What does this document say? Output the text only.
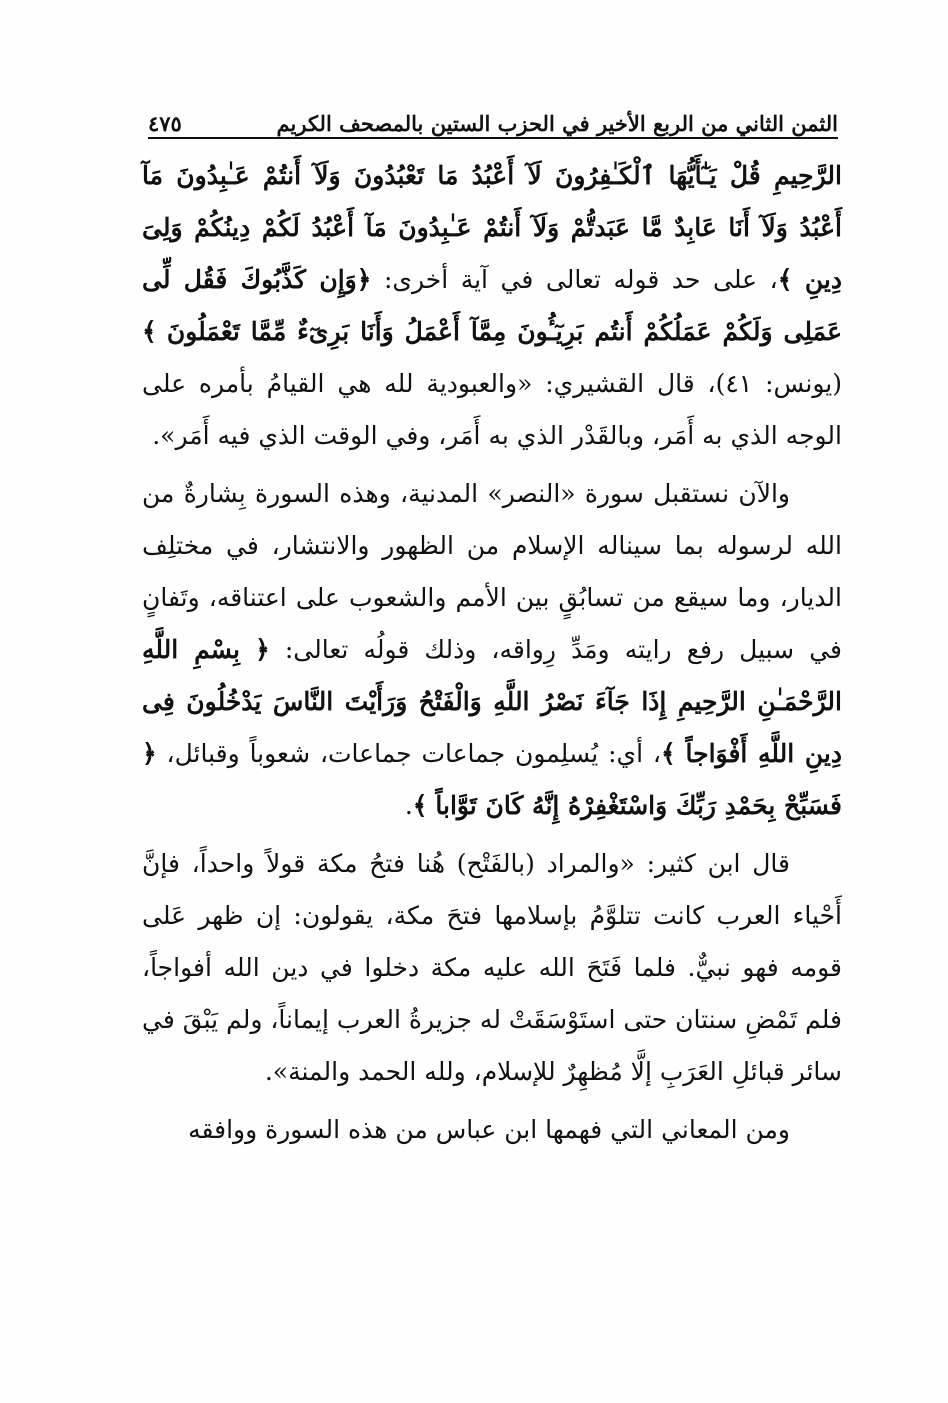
الثمن الثاني من الربع الأخير في الحزب الستين بالمصحف الكريم
٤٧٥

الرَّحِيمِ قُلْ يَـٰٓأَيُّهَا ٱلْكَـٰفِرُونَ لَآ أَعْبُدُ مَا تَعْبُدُونَ وَلَآ أَنتُمْ عَـٰبِدُونَ مَآ أَعْبُدُ وَلَآ أَنَا عَابِدٌ مَّا عَبَدتُّمْ وَلَآ أَنتُمْ عَـٰبِدُونَ مَآ أَعْبُدُ لَكُمْ دِينُكُمْ وَلِىَ دِينِ ﴾، على حد قوله تعالى في آية أخرى: ﴿وَإِن كَذَّبُوكَ فَقُل لِّى عَمَلِى وَلَكُمْ عَمَلُكُمْ أَنتُم بَرِيٓـُٔونَ مِمَّآ أَعْمَلُ وَأَنَا بَرِىٓءٌ مِّمَّا تَعْمَلُونَ ﴾ (يونس: ٤١)، قال القشيري: «والعبودية لله هي القيامُ بأمره على الوجه الذي به أَمَر، وبالقَدْر الذي به أَمَر، وفي الوقت الذي فيه أَمَر».

والآن نستقبل سورة «النصر» المدنية، وهذه السورة بِشارةٌ من الله لرسوله بما سيناله الإسلام من الظهور والانتشار، في مختلِف الديار، وما سيقع من تسابُقٍ بين الأمم والشعوب على اعتناقه، وتَفانٍ في سبيل رفع رايته ومَدِّ رِواقه، وذلك قولُه تعالى: ﴿ بِسْمِ اللَّهِ الرَّحْمَـٰنِ الرَّحِيمِ إِذَا جَآءَ نَصْرُ اللَّهِ وَالْفَتْحُ وَرَأَيْتَ النَّاسَ يَدْخُلُونَ فِى دِينِ اللَّهِ أَفْوَاجاً ﴾، أي: يُسلِمون جماعات جماعات، شعوباً وقبائل، ﴿ فَسَبِّحْ بِحَمْدِ رَبِّكَ وَاسْتَغْفِرْهُ إِنَّهُ كَانَ تَوَّاباً ﴾.

قال ابن كثير: «والمراد (بالفَتْح) هُنا فتحُ مكة قولاً واحداً، فإنَّ أَحْياء العرب كانت تتلوَّمُ بإسلامها فتحَ مكة، يقولون: إن ظهر عَلى قومه فهو نبيٌّ. فلما فَتَحَ الله عليه مكة دخلوا في دين الله أفواجاً، فلم تَمْضِ سنتان حتى استَوْسَقَتْ له جزيرةُ العرب إيماناً، ولم يَبْقَ في سائر قبائلِ العَرَبِ إلَّا مُظهِرٌ للإسلام، ولله الحمد والمنة».

ومن المعاني التي فهمها ابن عباس من هذه السورة ووافقه
